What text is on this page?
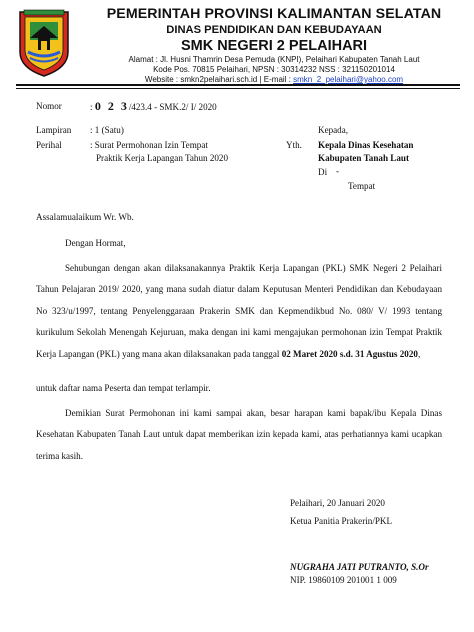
PEMERINTAH PROVINSI KALIMANTAN SELATAN
DINAS PENDIDIKAN DAN KEBUDAYAAN
SMK NEGERI 2 PELAIHARI
Alamat : Jl. Husni Thamrin Desa Pemuda (KNPI), Pelaihari Kabupaten Tanah Laut
Kode Pos. 70815 Pelaihari, NPSN : 30314232 NSS : 321150201014
Website : smkn2pelaihari.sch.id | E-mail : smkn_2_pelaihari@yahoo.com
Nomor	: 0 2 3/423.4 - SMK.2/ I/ 2020
Lampiran : 1 (Satu)
Perihal	: Surat Permohonan Izin Tempat
Praktik Kerja Lapangan Tahun 2020
Kepada,
Yth. Kepala Dinas Kesehatan
Kabupaten Tanah Laut
Di -
Tempat
Assalamualaikum Wr. Wb.
Dengan Hormat,
Sehubungan dengan akan dilaksanakannya Praktik Kerja Lapangan (PKL) SMK Negeri 2 Pelaihari Tahun Pelajaran 2019/ 2020, yang mana sudah diatur dalam Keputusan Menteri Pendidikan dan Kebudayaan No 323/u/1997, tentang Penyelenggaraan Prakerin SMK dan Kepmendikbud No. 080/ V/ 1993 tentang kurikulum Sekolah Menengah Kejuruan, maka dengan ini kami mengajukan permohonan izin Tempat Praktik Kerja Lapangan (PKL) yang mana akan dilaksanakan pada tanggal 02 Maret 2020 s.d. 31 Agustus 2020,
untuk daftar nama Peserta dan tempat terlampir.
Demikian Surat Permohonan ini kami sampai akan, besar harapan kami bapak/ibu Kepala Dinas Kesehatan Kabupaten Tanah Laut untuk dapat memberikan izin kepada kami, atas perhatiannya kami ucapkan terima kasih.
Pelaihari, 20 Januari 2020
Ketua Panitia Prakerin/PKL
NUGRAHA JATI PUTRANTO, S.Or
NIP. 19860109 201001 1 009
